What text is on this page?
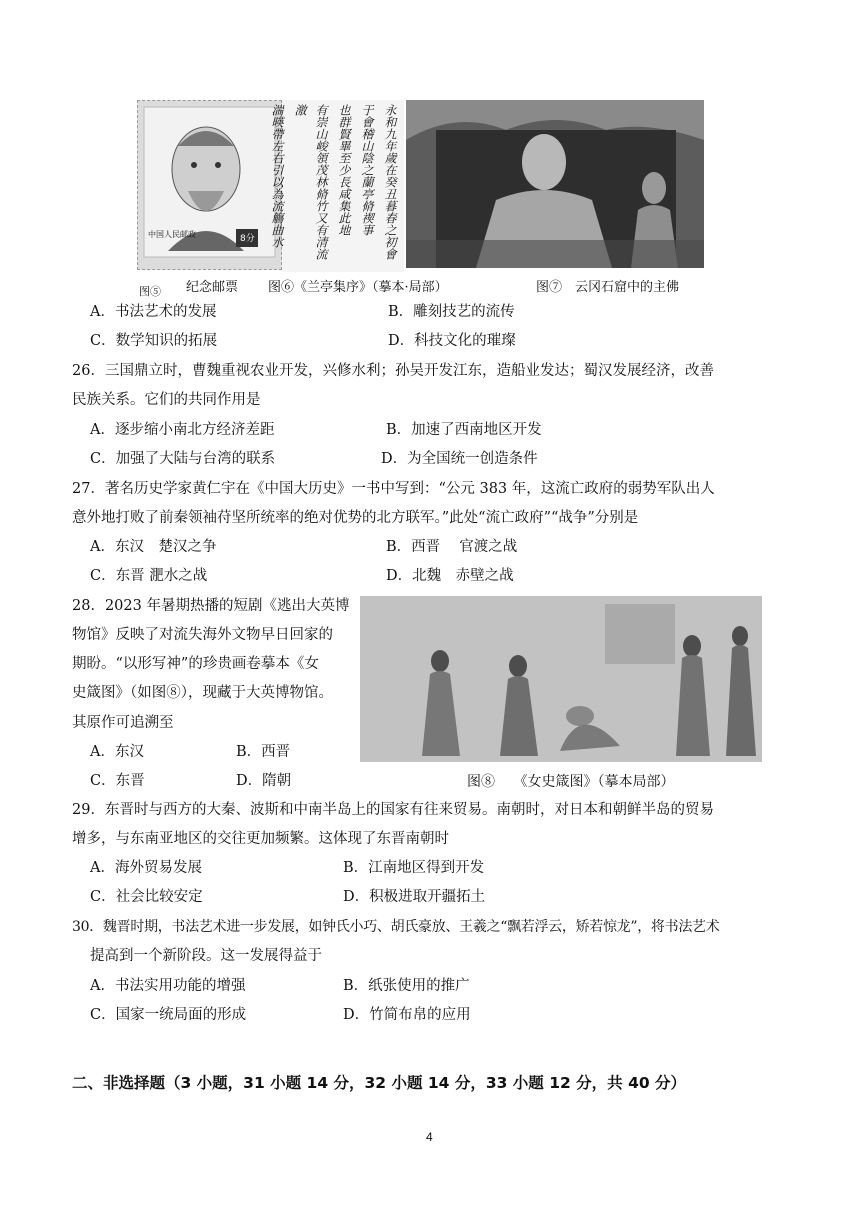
中国人民邮政	8分	永和九年歲在癸丑暮春之初會
于會稽山陰之蘭亭脩禊事
也群賢畢至少長咸集此地
有崇山峻領茂林脩竹又有清流激
湍暎帶左右引以為流觴曲水
图⑤ 纪念邮票 图⑥《兰亭集序》（摹本·局部）	图⑦　云冈石窟中的主佛
A．书法艺术的发展	B．雕刻技艺的流传
C．数学知识的拓展	D．科技文化的璀璨
26．三国鼎立时，曹魏重视农业开发，兴修水利；孙吴开发江东，造船业发达；蜀汉发展经济，改善
民族关系。它们的共同作用是
A．逐步缩小南北方经济差距	B．加速了西南地区开发
C．加强了大陆与台湾的联系	D．为全国统一创造条件
27．著名历史学家黄仁宇在《中国大历史》一书中写到：“公元 383 年，这流亡政府的弱势军队出人
意外地打败了前秦领袖苻坚所统率的绝对优势的北方联军。”此处“流亡政府”“战争”分别是
A．东汉　楚汉之争	B．西晋　 官渡之战
C．东晋 淝水之战	D．北魏　赤壁之战
28．2023 年暑期热播的短剧《逃出大英博
物馆》反映了对流失海外文物早日回家的
期盼。“以形写神”的珍贵画卷摹本《女
史箴图》（如图⑧），现藏于大英博物馆。
其原作可追溯至
A．东汉	B．西晋
C．东晋	D．隋朝	图⑧　 《女史箴图》（摹本局部）
29．东晋时与西方的大秦、波斯和中南半岛上的国家有往来贸易。南朝时，对日本和朝鲜半岛的贸易
增多，与东南亚地区的交往更加频繁。这体现了东晋南朝时
A．海外贸易发展	B．江南地区得到开发
C．社会比较安定	D．积极进取开疆拓土
30．魏晋时期，书法艺术进一步发展，如钟氏小巧、胡氏豪放、王羲之“飘若浮云，矫若惊龙”，将书法艺术
提高到一个新阶段。这一发展得益于
A．书法实用功能的增强	B．纸张使用的推广
C．国家一统局面的形成	D．竹简布帛的应用
二、非选择题（3 小题，31 小题 14 分，32 小题 14 分，33 小题 12 分，共 40 分）
4
